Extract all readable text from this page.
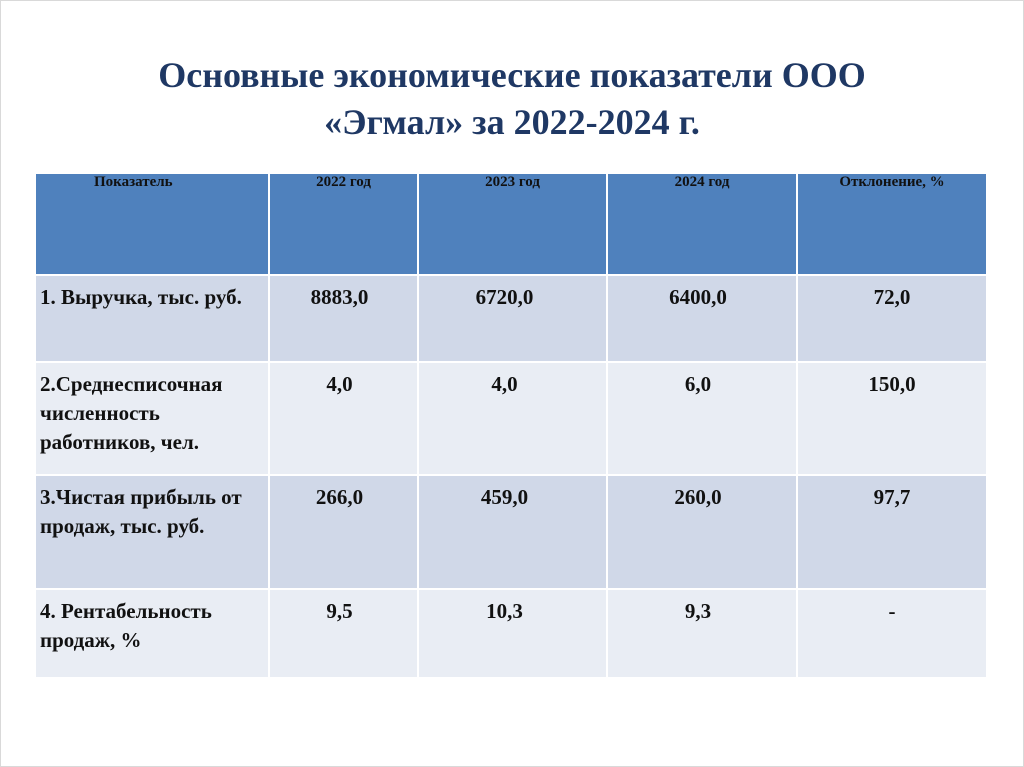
Основные экономические показатели ООО
«Эгмал» за 2022-2024 г.
Показатель	2022 год	2023 год	2024 год	Отклонение, %
1. Выручка, тыс. руб.	8883,0	6720,0	6400,0	72,0
2.Среднесписочная численность работников, чел.	4,0	4,0	6,0	150,0
3.Чистая прибыль от продаж, тыс. руб.	266,0	459,0	260,0	97,7
4. Рентабельность продаж, %	9,5	10,3	9,3	-
